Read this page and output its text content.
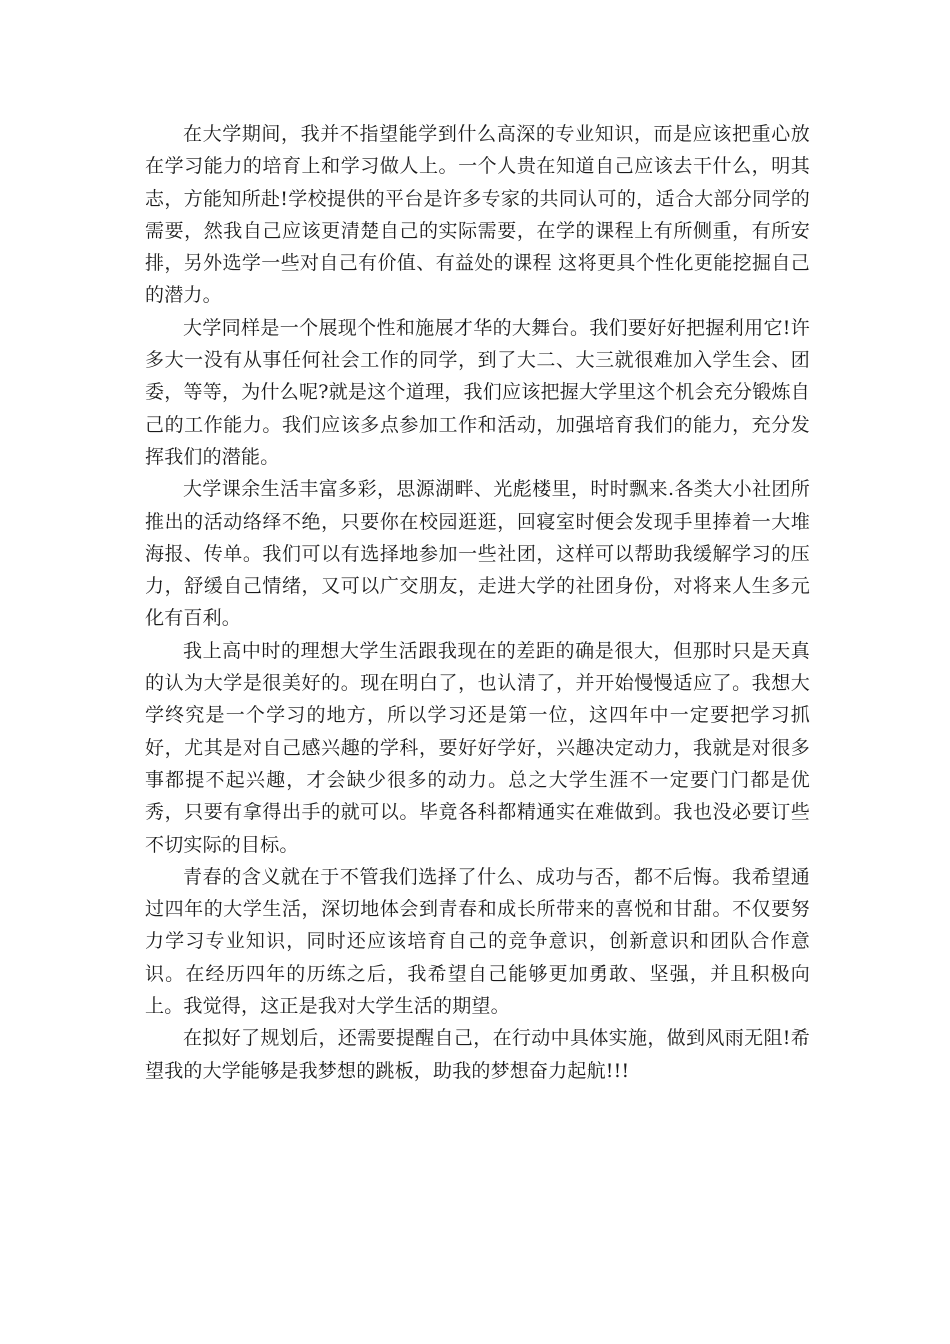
在大学期间，我并不指望能学到什么高深的专业知识，而是应该把重心放在学习能力的培育上和学习做人上。一个人贵在知道自己应该去干什么，明其志，方能知所赴!学校提供的平台是许多专家的共同认可的，适合大部分同学的需要，然我自己应该更清楚自己的实际需要，在学的课程上有所侧重，有所安排，另外选学一些对自己有价值、有益处的课程 这将更具个性化更能挖掘自己的潜力。

大学同样是一个展现个性和施展才华的大舞台。我们要好好把握利用它!许多大一没有从事任何社会工作的同学，到了大二、大三就很难加入学生会、团委，等等，为什么呢?就是这个道理，我们应该把握大学里这个机会充分锻炼自己的工作能力。我们应该多点参加工作和活动，加强培育我们的能力，充分发挥我们的潜能。

大学课余生活丰富多彩，思源湖畔、光彪楼里，时时飘来.各类大小社团所推出的活动络绎不绝，只要你在校园逛逛，回寝室时便会发现手里捧着一大堆海报、传单。我们可以有选择地参加一些社团，这样可以帮助我缓解学习的压力，舒缓自己情绪，又可以广交朋友，走进大学的社团身份，对将来人生多元化有百利。

我上高中时的理想大学生活跟我现在的差距的确是很大，但那时只是天真的认为大学是很美好的。现在明白了，也认清了，并开始慢慢适应了。我想大学终究是一个学习的地方，所以学习还是第一位，这四年中一定要把学习抓好，尤其是对自己感兴趣的学科，要好好学好，兴趣决定动力，我就是对很多事都提不起兴趣，才会缺少很多的动力。总之大学生涯不一定要门门都是优秀，只要有拿得出手的就可以。毕竟各科都精通实在难做到。我也没必要订些不切实际的目标。

青春的含义就在于不管我们选择了什么、成功与否，都不后悔。我希望通过四年的大学生活，深切地体会到青春和成长所带来的喜悦和甘甜。不仅要努力学习专业知识，同时还应该培育自己的竞争意识，创新意识和团队合作意识。在经历四年的历练之后，我希望自己能够更加勇敢、坚强，并且积极向上。我觉得，这正是我对大学生活的期望。

在拟好了规划后，还需要提醒自己，在行动中具体实施，做到风雨无阻!希望我的大学能够是我梦想的跳板，助我的梦想奋力起航!!!
